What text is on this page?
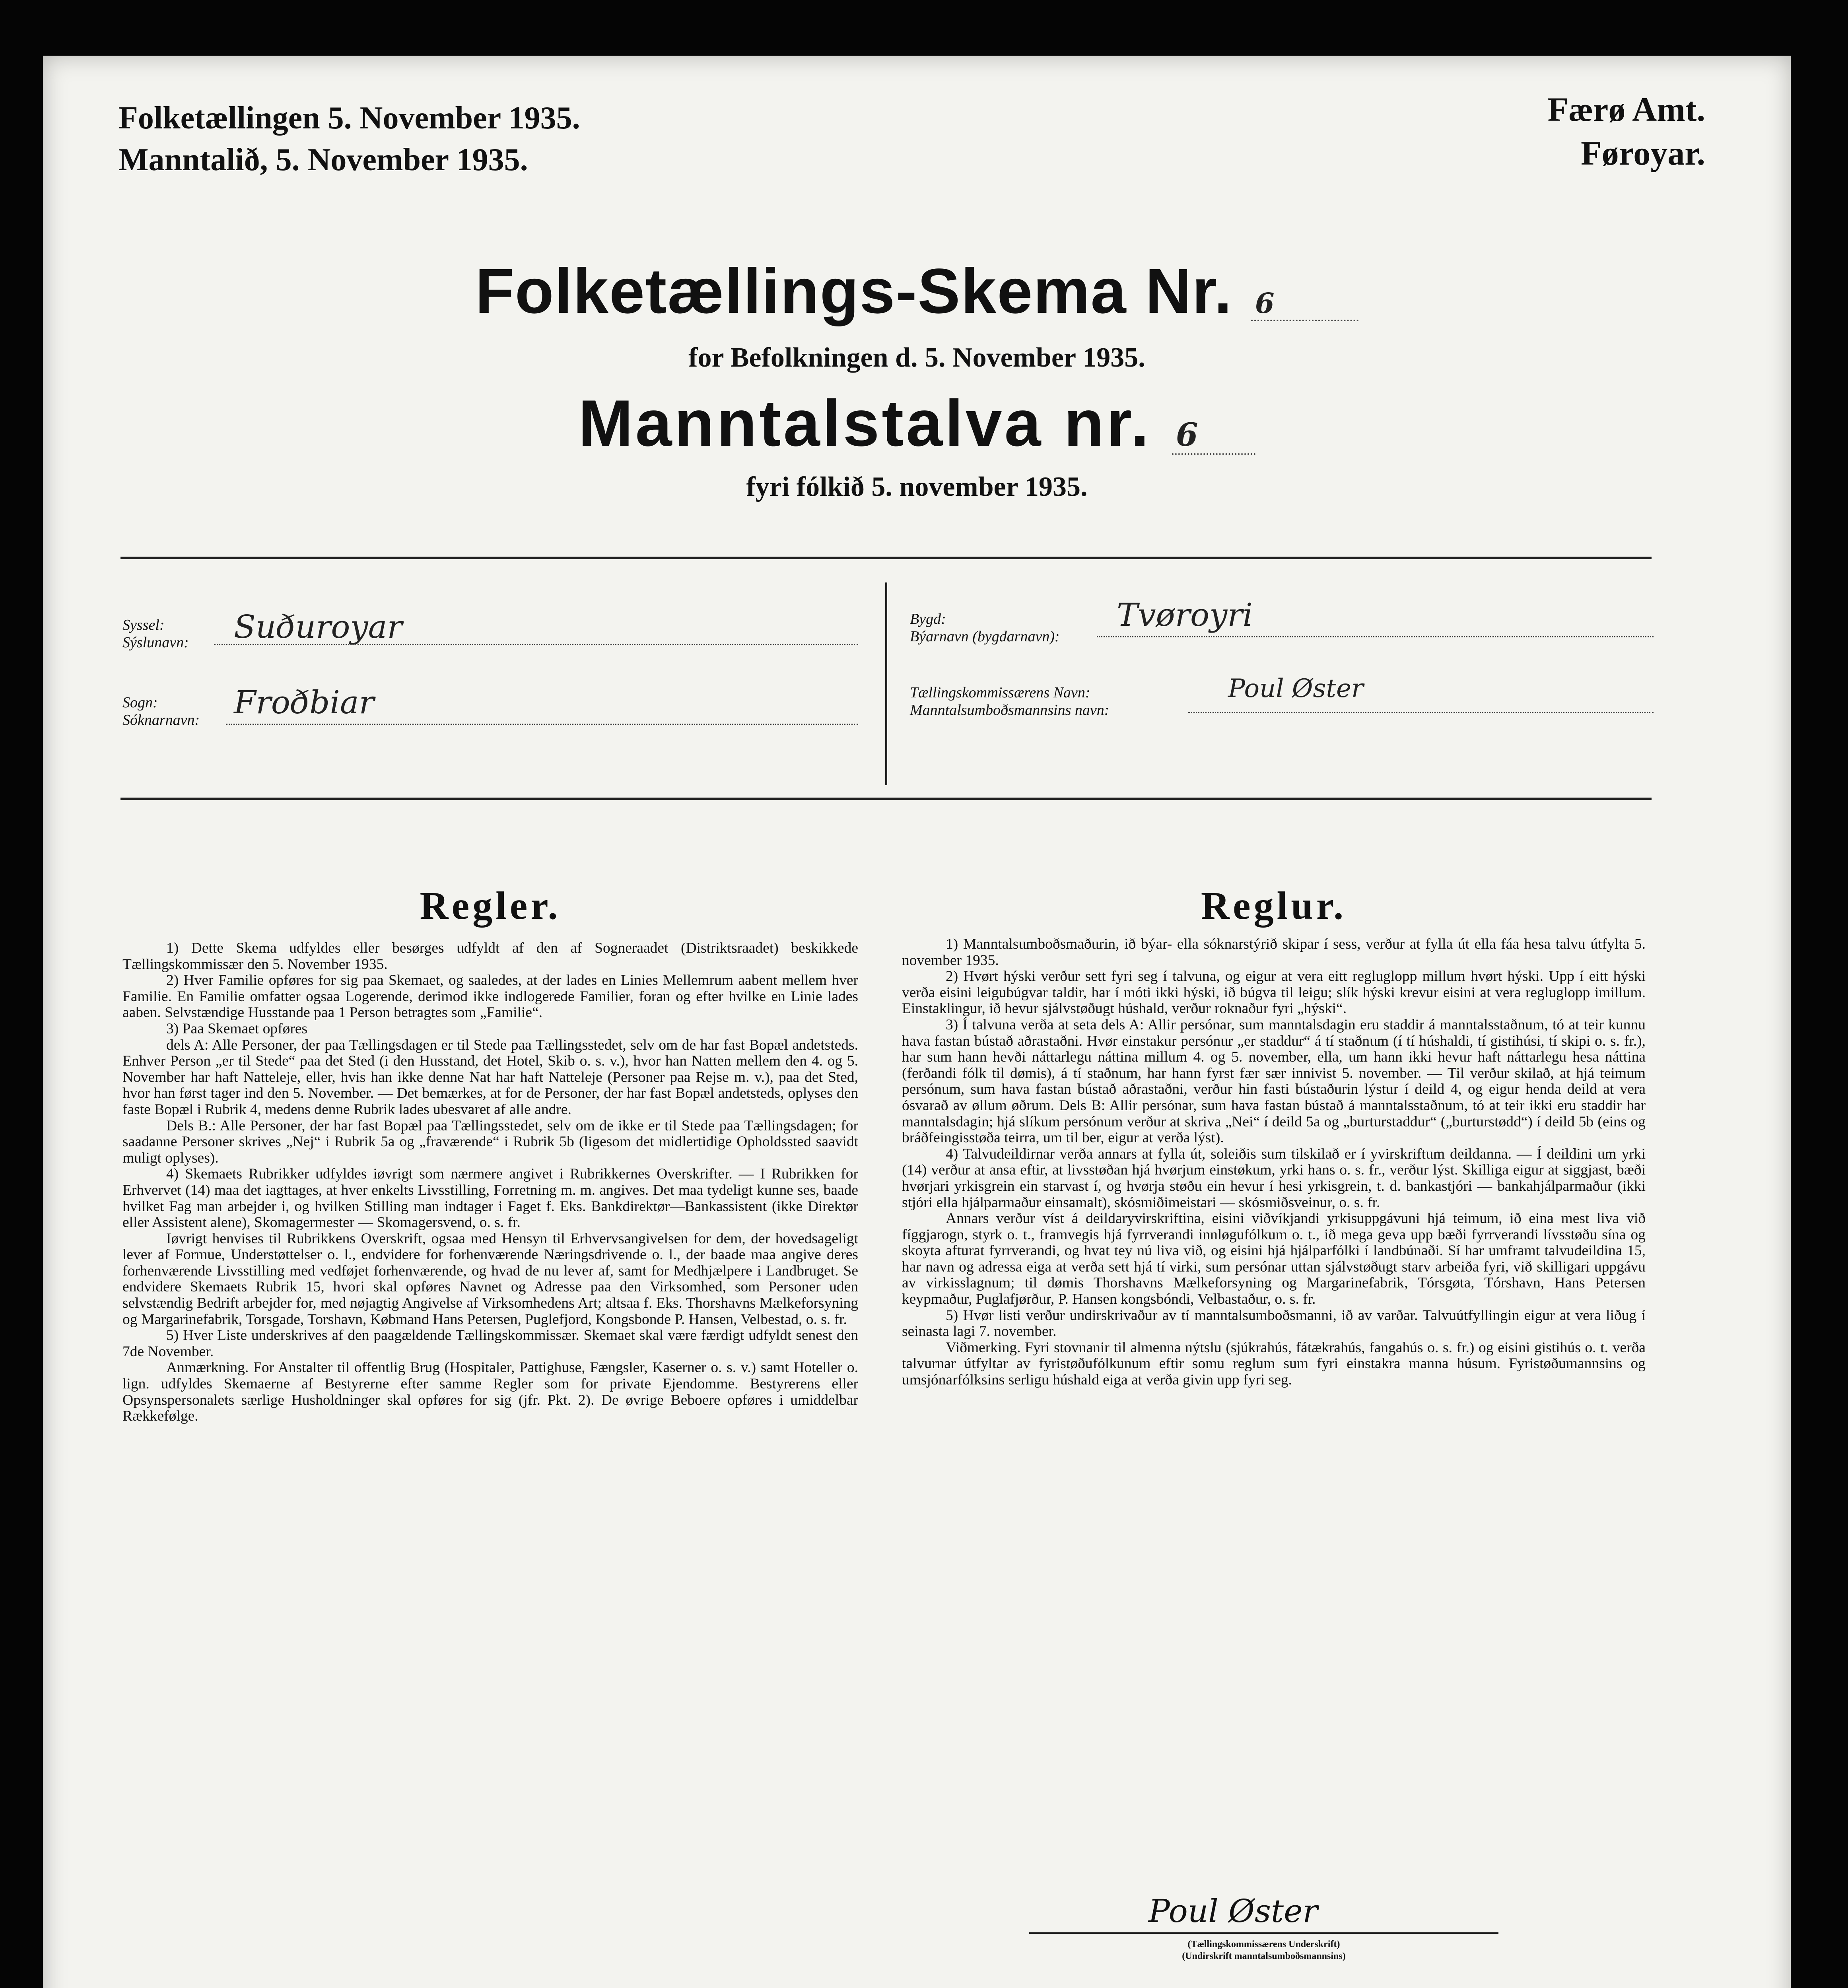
Folketællingen 5. November 1935.
Manntalið, 5. November 1935.
Færø Amt.
Føroyar.
Folketællings-Skema Nr. 6
for Befolkningen d. 5. November 1935.
Manntalstalva nr. 6
fyri fólkið 5. november 1935.
Syssel:
Sýslunavn: Suðuroyar
Sogn:
Sóknarnavn: Froðbiar
Bygd:
Býarnavn (bygdarnavn):
Tvøroyri
Tællingskommissærens Navn:
Manntalsumboðsmannsins navn:
Poul Øster
Regler.

1) Dette Skema udfyldes eller besørges udfyldt af den af Sogneraadet (Distriktsraadet) beskikkede Tællingskommissær den 5. November 1935.

2) Hver Familie opføres for sig paa Skemaet, og saaledes, at der lades en Linies Mellemrum aabent mellem hver Familie. En Familie omfatter ogsaa Logerende, derimod ikke indlogerede Familier, foran og efter hvilke en Linie lades aaben. Selvstændige Husstande paa 1 Person betragtes som „Familie“.

3) Paa Skemaet opføres

dels A: Alle Personer, der paa Tællingsdagen er til Stede paa Tællingsstedet, selv om de har fast Bopæl andetsteds. Enhver Person „er til Stede“ paa det Sted (i den Husstand, det Hotel, Skib o. s. v.), hvor han Natten mellem den 4. og 5. November har haft Natteleje, eller, hvis han ikke denne Nat har haft Natteleje (Personer paa Rejse m. v.), paa det Sted, hvor han først tager ind den 5. November. — Det bemærkes, at for de Personer, der har fast Bopæl andetsteds, oplyses den faste Bopæl i Rubrik 4, medens denne Rubrik lades ubesvaret af alle andre.

Dels B.: Alle Personer, der har fast Bopæl paa Tællingsstedet, selv om de ikke er til Stede paa Tællingsdagen; for saadanne Personer skrives „Nej“ i Rubrik 5a og „fraværende“ i Rubrik 5b (ligesom det midlertidige Opholdssted saavidt muligt oplyses).

4) Skemaets Rubrikker udfyldes iøvrigt som nærmere angivet i Rubrikkernes Overskrifter. — I Rubrikken for Erhvervet (14) maa det iagttages, at hver enkelts Livsstilling, Forretning m. m. angives. Det maa tydeligt kunne ses, baade hvilket Fag man arbejder i, og hvilken Stilling man indtager i Faget f. Eks. Bankdirektør—Bankassistent (ikke Direktør eller Assistent alene), Skomagermester — Skomagersvend, o. s. fr.

Iøvrigt henvises til Rubrikkens Overskrift, ogsaa med Hensyn til Erhvervsangivelsen for dem, der hovedsageligt lever af Formue, Understøttelser o. l., endvidere for forhenværende Næringsdrivende o. l., der baade maa angive deres forhenværende Livsstilling med vedføjet forhenværende, og hvad de nu lever af, samt for Medhjælpere i Landbruget. Se endvidere Skemaets Rubrik 15, hvori skal opføres Navnet og Adresse paa den Virksomhed, som Personer uden selvstændig Bedrift arbejder for, med nøjagtig Angivelse af Virksomhedens Art; altsaa f. Eks. Thorshavns Mælkeforsyning og Margarinefabrik, Torsgade, Torshavn, Købmand Hans Petersen, Puglefjord, Kongsbonde P. Hansen, Velbestad, o. s. fr.

5) Hver Liste underskrives af den paagældende Tællingskommissær. Skemaet skal være færdigt udfyldt senest den 7de November.

Anmærkning. For Anstalter til offentlig Brug (Hospitaler, Pattighuse, Fængsler, Kaserner o. s. v.) samt Hoteller o. lign. udfyldes Skemaerne af Bestyrerne efter samme Regler som for private Ejendomme. Bestyrerens eller Opsynspersonalets særlige Husholdninger skal opføres for sig (jfr. Pkt. 2). De øvrige Beboere opføres i umiddelbar Rækkefølge.

Reglur.

1) Manntalsumboðsmaðurin, ið býar- ella sóknarstýrið skipar í sess, verður at fylla út ella fáa hesa talvu útfylta 5. november 1935.

2) Hvørt hýski verður sett fyri seg í talvuna, og eigur at vera eitt regluglopp millum hvørt hýski. Upp í eitt hýski verða eisini leigubúgvar taldir, har í móti ikki hýski, ið búgva til leigu; slík hýski krevur eisini at vera regluglopp imillum. Einstaklingur, ið hevur sjálvstøðugt húshald, verður roknaður fyri „hýski“.

3) Í talvuna verða at seta dels A: Allir persónar, sum manntalsdagin eru staddir á manntalsstaðnum, tó at teir kunnu hava fastan bústað aðrastaðni. Hvør einstakur persónur „er staddur“ á tí staðnum (í tí húshaldi, tí gistihúsi, tí skipi o. s. fr.), har sum hann hevði náttarlegu náttina millum 4. og 5. november, ella, um hann ikki hevur haft náttarlegu hesa náttina (ferðandi fólk til dømis), á tí staðnum, har hann fyrst fær sær innivist 5. november. — Til verður skilað, at hjá teimum persónum, sum hava fastan bústað aðrastaðni, verður hin fasti bústaðurin lýstur í deild 4, og eigur henda deild at vera ósvarað av øllum øðrum. Dels B: Allir persónar, sum hava fastan bústað á manntalsstaðnum, tó at teir ikki eru staddir har manntalsdagin; hjá slíkum persónum verður at skriva „Nei“ í deild 5a og „burturstaddur“ („burturstødd“) í deild 5b (eins og bráðfeingisstøða teirra, um til ber, eigur at verða lýst).

4) Talvudeildirnar verða annars at fylla út, soleiðis sum tilskilað er í yvirskriftum deildanna. — Í deildini um yrki (14) verður at ansa eftir, at livsstøðan hjá hvørjum einstøkum, yrki hans o. s. fr., verður lýst. Skilliga eigur at siggjast, bæði hvørjari yrkisgrein ein starvast í, og hvørja støðu ein hevur í hesi yrkisgrein, t. d. bankastjóri — bankahjálparmaður (ikki stjóri ella hjálparmaður einsamalt), skósmiðimeistari — skósmiðsveinur, o. s. fr.

Annars verður víst á deildaryvirskriftina, eisini viðvíkjandi yrkisuppgávuni hjá teimum, ið eina mest liva við fíggjarogn, styrk o. t., framvegis hjá fyrrverandi innløgufólkum o. t., ið mega geva upp bæði fyrrverandi lívsstøðu sína og skoyta afturat fyrrverandi, og hvat tey nú liva við, og eisini hjá hjálparfólki í landbúnaði. Sí har umframt talvudeildina 15, har navn og adressa eiga at verða sett hjá tí virki, sum persónar uttan sjálvstøðugt starv arbeiða fyri, við skilligari uppgávu av virkisslagnum; til dømis Thorshavns Mælkeforsyning og Margarinefabrik, Tórsgøta, Tórshavn, Hans Petersen keypmaður, Puglafjørður, P. Hansen kongsbóndi, Velbastaður, o. s. fr.

5) Hvør listi verður undirskrivaður av tí manntalsumboðsmanni, ið av varðar. Talvuútfyllingin eigur at vera liðug í seinasta lagi 7. november.

Viðmerking. Fyri stovnanir til almenna nýtslu (sjúkrahús, fátækrahús, fangahús o. s. fr.) og eisini gistihús o. t. verða talvurnar útfyltar av fyristøðufólkunum eftir somu reglum sum fyri einstakra manna húsum. Fyristøðumannsins og umsjónarfólksins serligu húshald eiga at verða givin upp fyri seg.

Poul Øster
(Tællingskommissærens Underskrift)
(Undirskrift manntalsumboðsmannsins)
